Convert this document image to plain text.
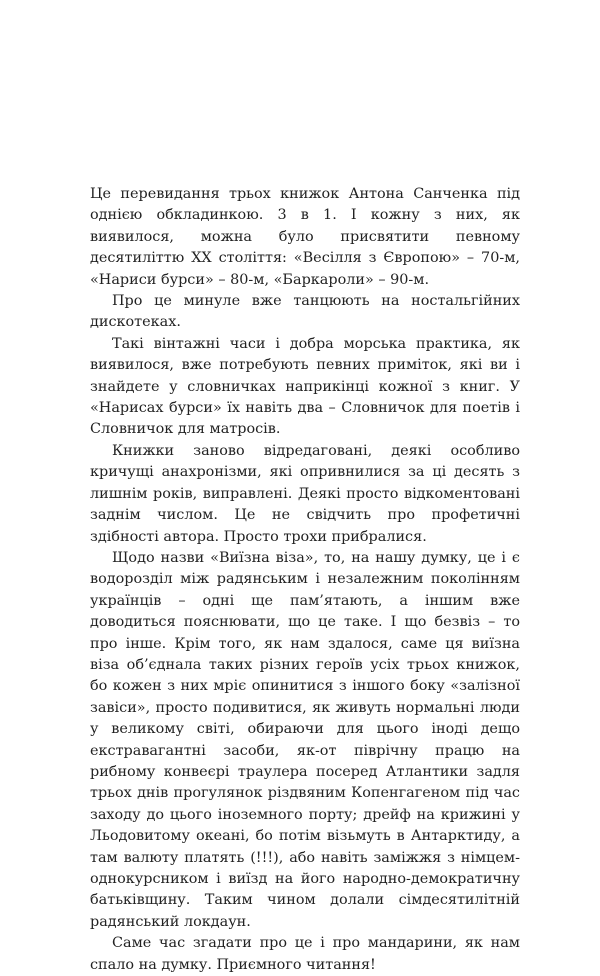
Це перевидання трьох книжок Антона Санченка під однією обкладинкою. 3 в 1. І кожну з них, як виявилося, можна було присвятити певному десятиліттю ХХ століття: «Весілля з Європою» – 70-м, «Нариси бурси» – 80-м, «Баркароли» – 90-м.

Про це минуле вже танцюють на ностальгійних дискотеках.

Такі вінтажні часи і добра морська практика, як виявилося, вже потребують певних приміток, які ви і знайдете у словничках наприкінці кожної з книг. У «Нарисах бурси» їх навіть два – Словничок для поетів і Словничок для матросів.

Книжки заново відредаговані, деякі особливо кричущі анахронізми, які опривнилися за ці десять з лишнім років, виправлені. Деякі просто відкоментовані заднім числом. Це не свідчить про профетичні здібності автора. Просто трохи прибралися.

Щодо назви «Виїзна віза», то, на нашу думку, це і є водорозділ між радянським і незалежним поколінням українців – одні ще пам’ятають, а іншим вже доводиться пояснювати, що це таке. І що безвіз – то про інше. Крім того, як нам здалося, саме ця виїзна віза об’єднала таких різних героїв усіх трьох книжок, бо кожен з них мріє опинитися з іншого боку «залізної завіси», просто подивитися, як живуть нормальні люди у великому світі, обираючи для цього іноді дещо екстравагантні засоби, як-от піврічну працю на рибному конвеєрі траулера посеред Атлантики задля трьох днів прогулянок різдвяним Копенгагеном під час заходу до цього іноземного порту; дрейф на крижині у Льодовитому океані, бо потім візьмуть в Антарктиду, а там валюту платять (!!!), або навіть заміжжя з німцем-однокурсником і виїзд на його народно-демократичну батьківщину. Таким чином долали сімдесятилітній радянський локдаун.

Саме час згадати про це і про мандарини, як нам спало на думку. Приємного читання!
